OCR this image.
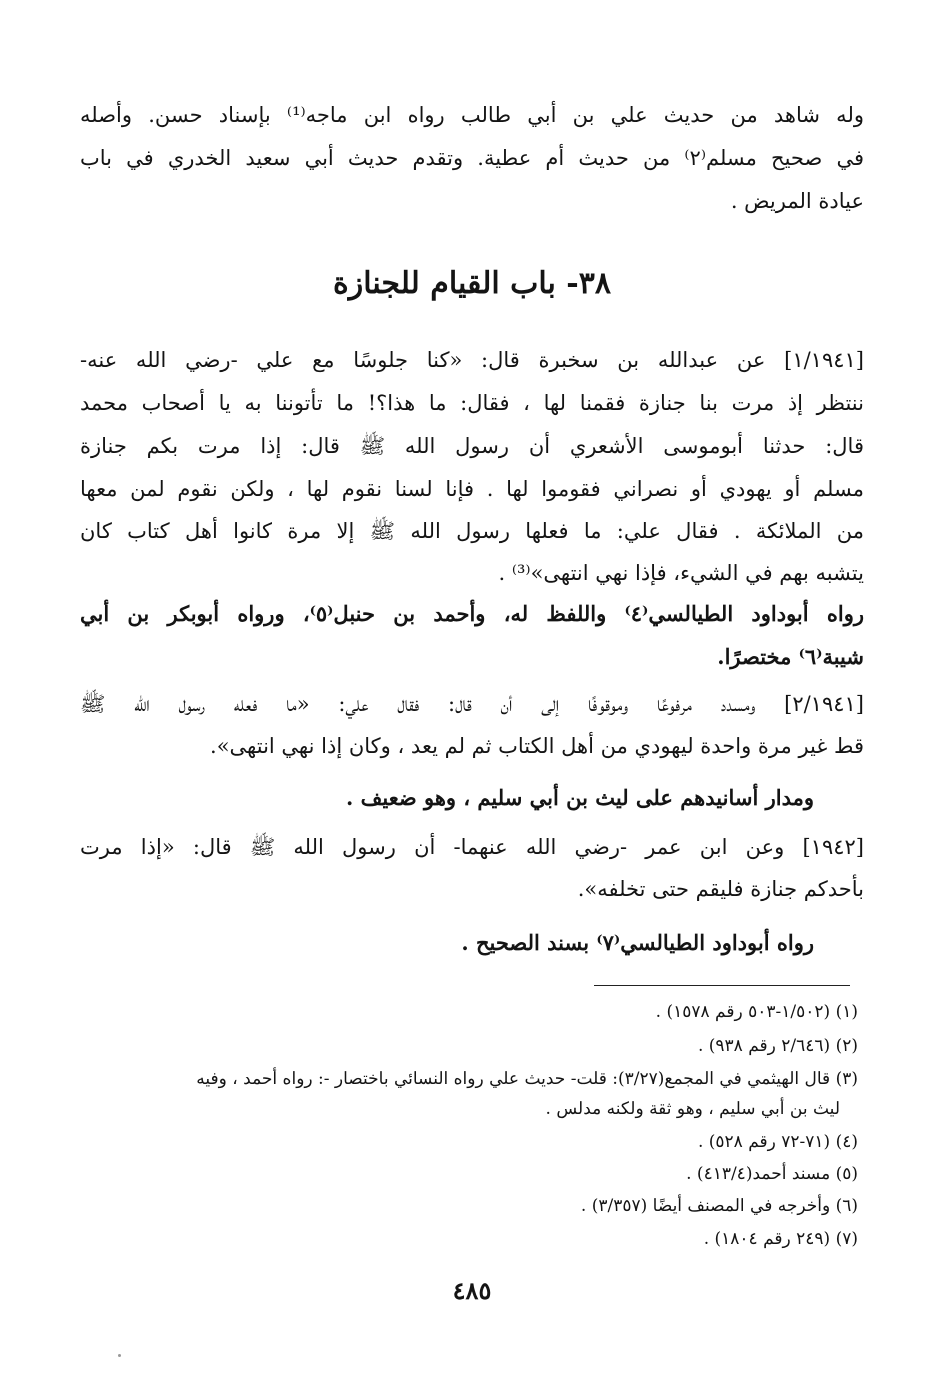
وله شاهد من حديث علي بن أبي طالب رواه ابن ماجه⁽¹⁾ بإسناد حسن. وأصله
في صحيح مسلم⁽٢⁾ من حديث أم عطية. وتقدم حديث أبي سعيد الخدري في باب
عيادة المريض .
٣٨- باب القيام للجنازة
[١/١٩٤١] عن عبدالله بن سخبرة قال: «كنا جلوسًا مع علي -رضي الله عنه-
ننتظر إذ مرت بنا جنازة فقمنا لها ، فقال: ما هذا؟! ما تأتوننا به يا أصحاب محمد
قال: حدثنا أبوموسى الأشعري أن رسول الله ﷺ قال: إذا مرت بكم جنازة
مسلم أو يهودي أو نصراني فقوموا لها . فإنا لسنا نقوم لها ، ولكن نقوم لمن معها
من الملائكة . فقال علي: ما فعلها رسول الله ﷺ إلا مرة كانوا أهل كتاب كان
يتشبه بهم في الشيء، فإذا نهي انتهى»⁽³⁾ .
رواه أبوداود الطيالسي⁽٤⁾ واللفظ له، وأحمد بن حنبل⁽٥⁾، ورواه أبوبكر بن أبي
شيبة⁽٦⁾ مختصرًا.
[٢/١٩٤١] ومسدد مرفوعًا وموقوفًا إلى أن قال: فقال علي: «ما فعله رسول الله ﷺ
قط غير مرة واحدة ليهودي من أهل الكتاب ثم لم يعد ، وكان إذا نهي انتهى».
ومدار أسانيدهم على ليث بن أبي سليم ، وهو ضعيف .
[١٩٤٢] وعن ابن عمر -رضي الله عنهما- أن رسول الله ﷺ قال: «إذا مرت
بأحدكم جنازة فليقم حتى تخلفه».
رواه أبوداود الطيالسي⁽٧⁾ بسند الصحيح .
(١) (١/٥٠٢-٥٠٣ رقم ١٥٧٨) .
(٢) (٢/٦٤٦ رقم ٩٣٨) .
(٣) قال الهيثمي في المجمع(٣/٢٧): قلت- حديث علي رواه النسائي باختصار -: رواه أحمد ، وفيه
ليث بن أبي سليم ، وهو ثقة ولكنه مدلس .
(٤) (٧١-٧٢ رقم ٥٢٨) .
(٥) مسند أحمد(٤١٣/٤) .
(٦) وأخرجه في المصنف أيضًا (٣/٣٥٧) .
(٧) (٢٤٩ رقم ١٨٠٤) .
٤٨٥
